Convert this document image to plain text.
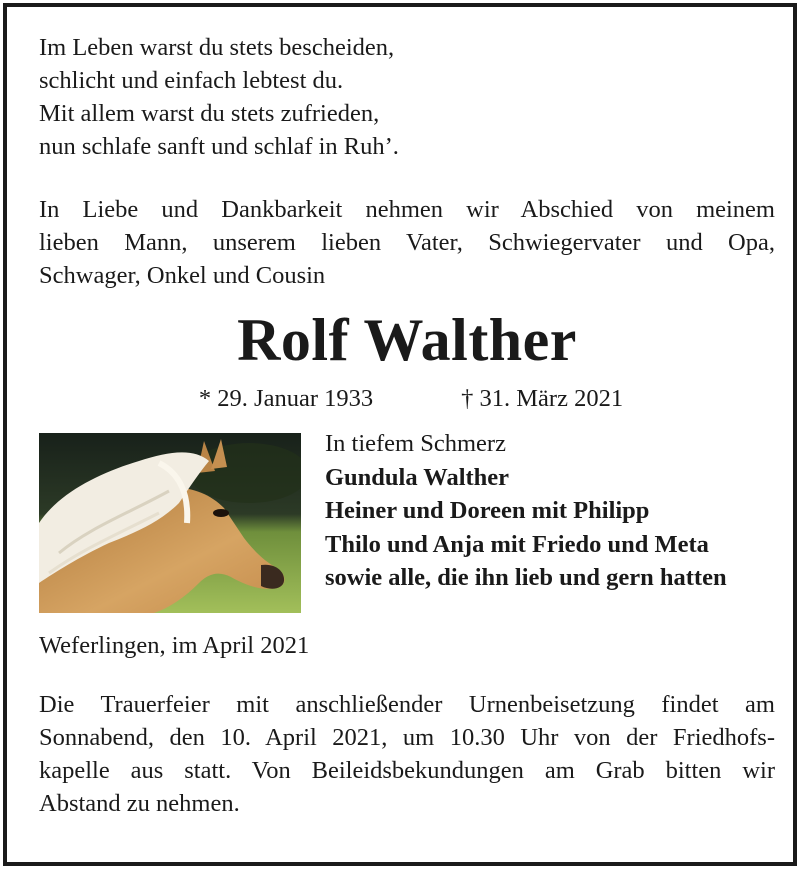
Im Leben warst du stets bescheiden,

schlicht und einfach lebtest du.

Mit allem warst du stets zufrieden,

nun schlafe sanft und schlaf in Ruh’.

In Liebe und Dankbarkeit nehmen wir Abschied von meinem
lieben Mann, unserem lieben Vater, Schwiegervater und Opa,
Schwager, Onkel und Cousin
Rolf Walther
* 29. Januar 1933	† 31. März 2021
In tiefem Schmerz
Gundula Walther
Heiner und Doreen mit Philipp
Thilo und Anja mit Friedo und Meta
sowie alle, die ihn lieb und gern hatten
Weferlingen, im April 2021
Die Trauerfeier mit anschließender Urnenbeisetzung findet am
Sonnabend, den 10. April 2021, um 10.30 Uhr von der Friedhofs-
kapelle aus statt. Von Beileidsbekundungen am Grab bitten wir
Abstand zu nehmen.
